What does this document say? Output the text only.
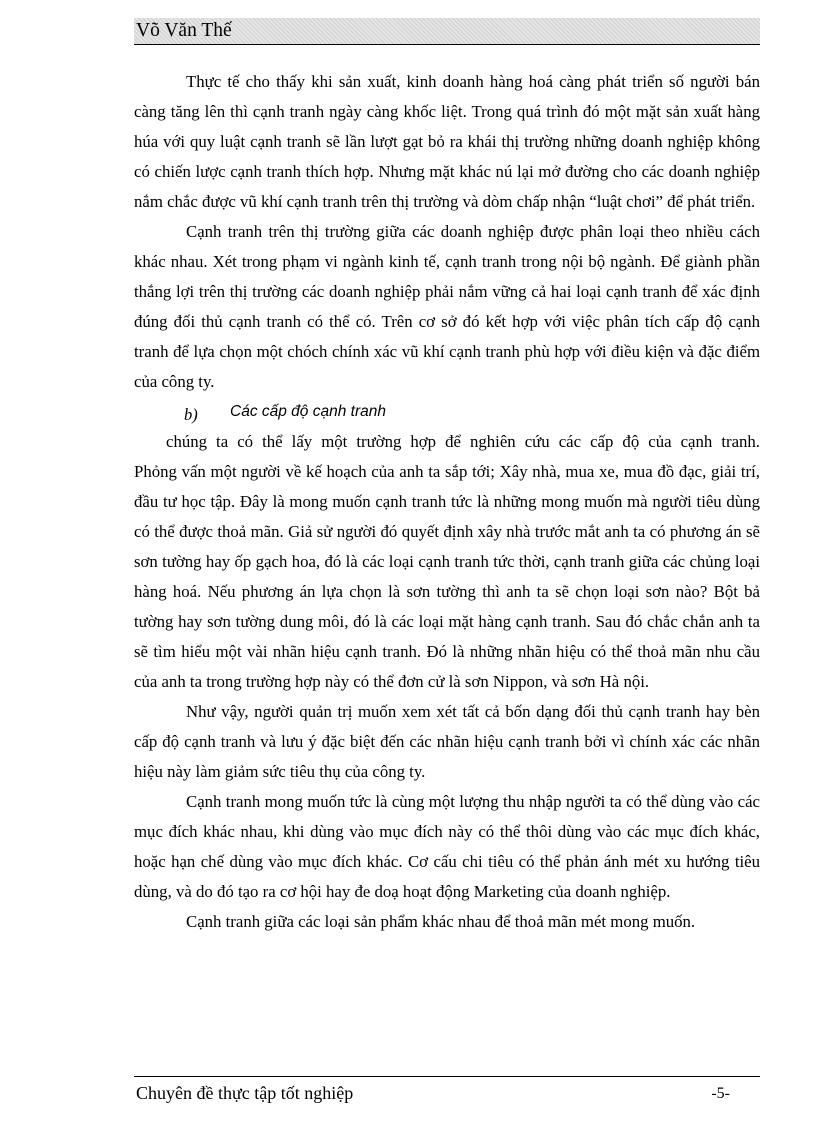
Võ Văn Thế

Thực tế cho thấy khi sản xuất, kinh doanh hàng hoá càng phát triển số người bán càng tăng lên thì cạnh tranh ngày càng khốc liệt. Trong quá trình đó một mặt sản xuất hàng húa với quy luật cạnh tranh sẽ lần lượt gạt bỏ ra khái thị trường những doanh nghiệp không có chiến lược cạnh tranh thích hợp. Nhưng mặt khác nú lại mở đường cho các doanh nghiệp nắm chắc được vũ khí cạnh tranh trên thị trường và dòm chấp nhận “luật chơi” để phát triển.

Cạnh tranh trên thị trường giữa các doanh nghiệp được phân loại theo nhiều cách khác nhau. Xét trong phạm vi ngành kinh tế, cạnh tranh trong nội bộ ngành. Để giành phần thắng lợi trên thị trường các doanh nghiệp phải nắm vững cả hai loại cạnh tranh để xác định đúng đối thủ cạnh tranh có thể có. Trên cơ sở đó kết hợp với việc phân tích cấp độ cạnh tranh để lựa chọn một chóch chính xác vũ khí cạnh tranh phù hợp với điều kiện và đặc điểm của công ty.

b) Các cấp độ cạnh tranh

chúng ta có thể lấy một trường hợp để nghiên cứu các cấp độ của cạnh tranh.

Phỏng vấn một người về kế hoạch của anh ta sắp tới; Xây nhà, mua xe, mua đồ đạc, giải trí, đầu tư học tập. Đây là mong muốn cạnh tranh tức là những mong muốn mà người tiêu dùng có thể được thoả mãn. Giả sử người đó quyết định xây nhà trước mắt anh ta có phương án sẽ sơn tường hay ốp gạch hoa, đó là các loại cạnh tranh tức thời, cạnh tranh giữa các chủng loại hàng hoá. Nếu phương án lựa chọn là sơn tường thì anh ta sẽ chọn loại sơn nào? Bột bả tường hay sơn tường dung môi, đó là các loại mặt hàng cạnh tranh. Sau đó chắc chắn anh ta sẽ tìm hiểu một vài nhãn hiệu cạnh tranh. Đó là những nhãn hiệu có thể thoả mãn nhu cầu của anh ta trong trường hợp này có thể đơn cử là sơn Nippon, và sơn Hà nội.

Như vậy, người quản trị muốn xem xét tất cả bốn dạng đối thủ cạnh tranh hay bèn cấp độ cạnh tranh và lưu ý đặc biệt đến các nhãn hiệu cạnh tranh bởi vì chính xác các nhãn hiệu này làm giảm sức tiêu thụ của công ty.

Cạnh tranh mong muốn tức là cùng một lượng thu nhập người ta có thể dùng vào các mục đích khác nhau, khi dùng vào mục đích này có thể thôi dùng vào các mục đích khác, hoặc hạn chế dùng vào mục đích khác. Cơ cấu chi tiêu có thể phản ánh mét xu hướng tiêu dùng, và do đó tạo ra cơ hội hay đe doạ hoạt động Marketing của doanh nghiệp.

Cạnh tranh giữa các loại sản phẩm khác nhau để thoả mãn mét mong muốn.

Chuyên đề thực tập tốt nghiệp	-5-
